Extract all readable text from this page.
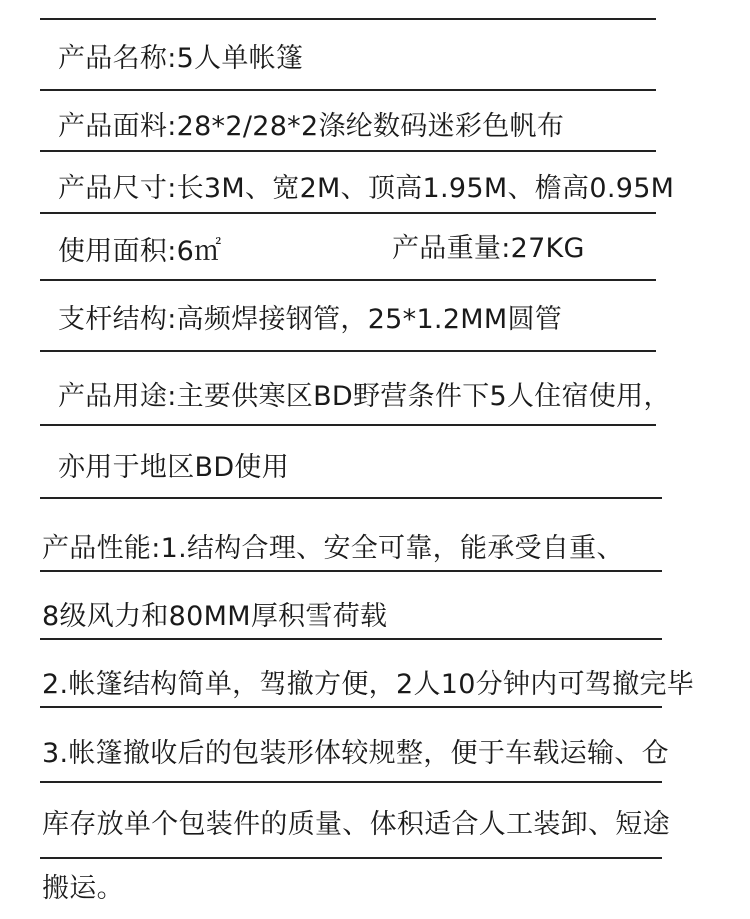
产品名称:5人单帐篷
产品面料:28*2/28*2涤纶数码迷彩色帆布
产品尺寸:长3M、宽2M、顶高1.95M、檐高0.95M
使用面积:6㎡	产品重量:27KG
支杆结构:高频焊接钢管，25*1.2MM圆管
产品用途:主要供寒区BD野营条件下5人住宿使用，
亦用于地区BD使用
产品性能:1.结构合理、安全可靠，能承受自重、
8级风力和80MM厚积雪荷载
2.帐篷结构简单，驾撤方便，2人10分钟内可驾撤完毕
3.帐篷撤收后的包装形体较规整，便于车载运输、仓
库存放单个包装件的质量、体积适合人工装卸、短途
搬运。
